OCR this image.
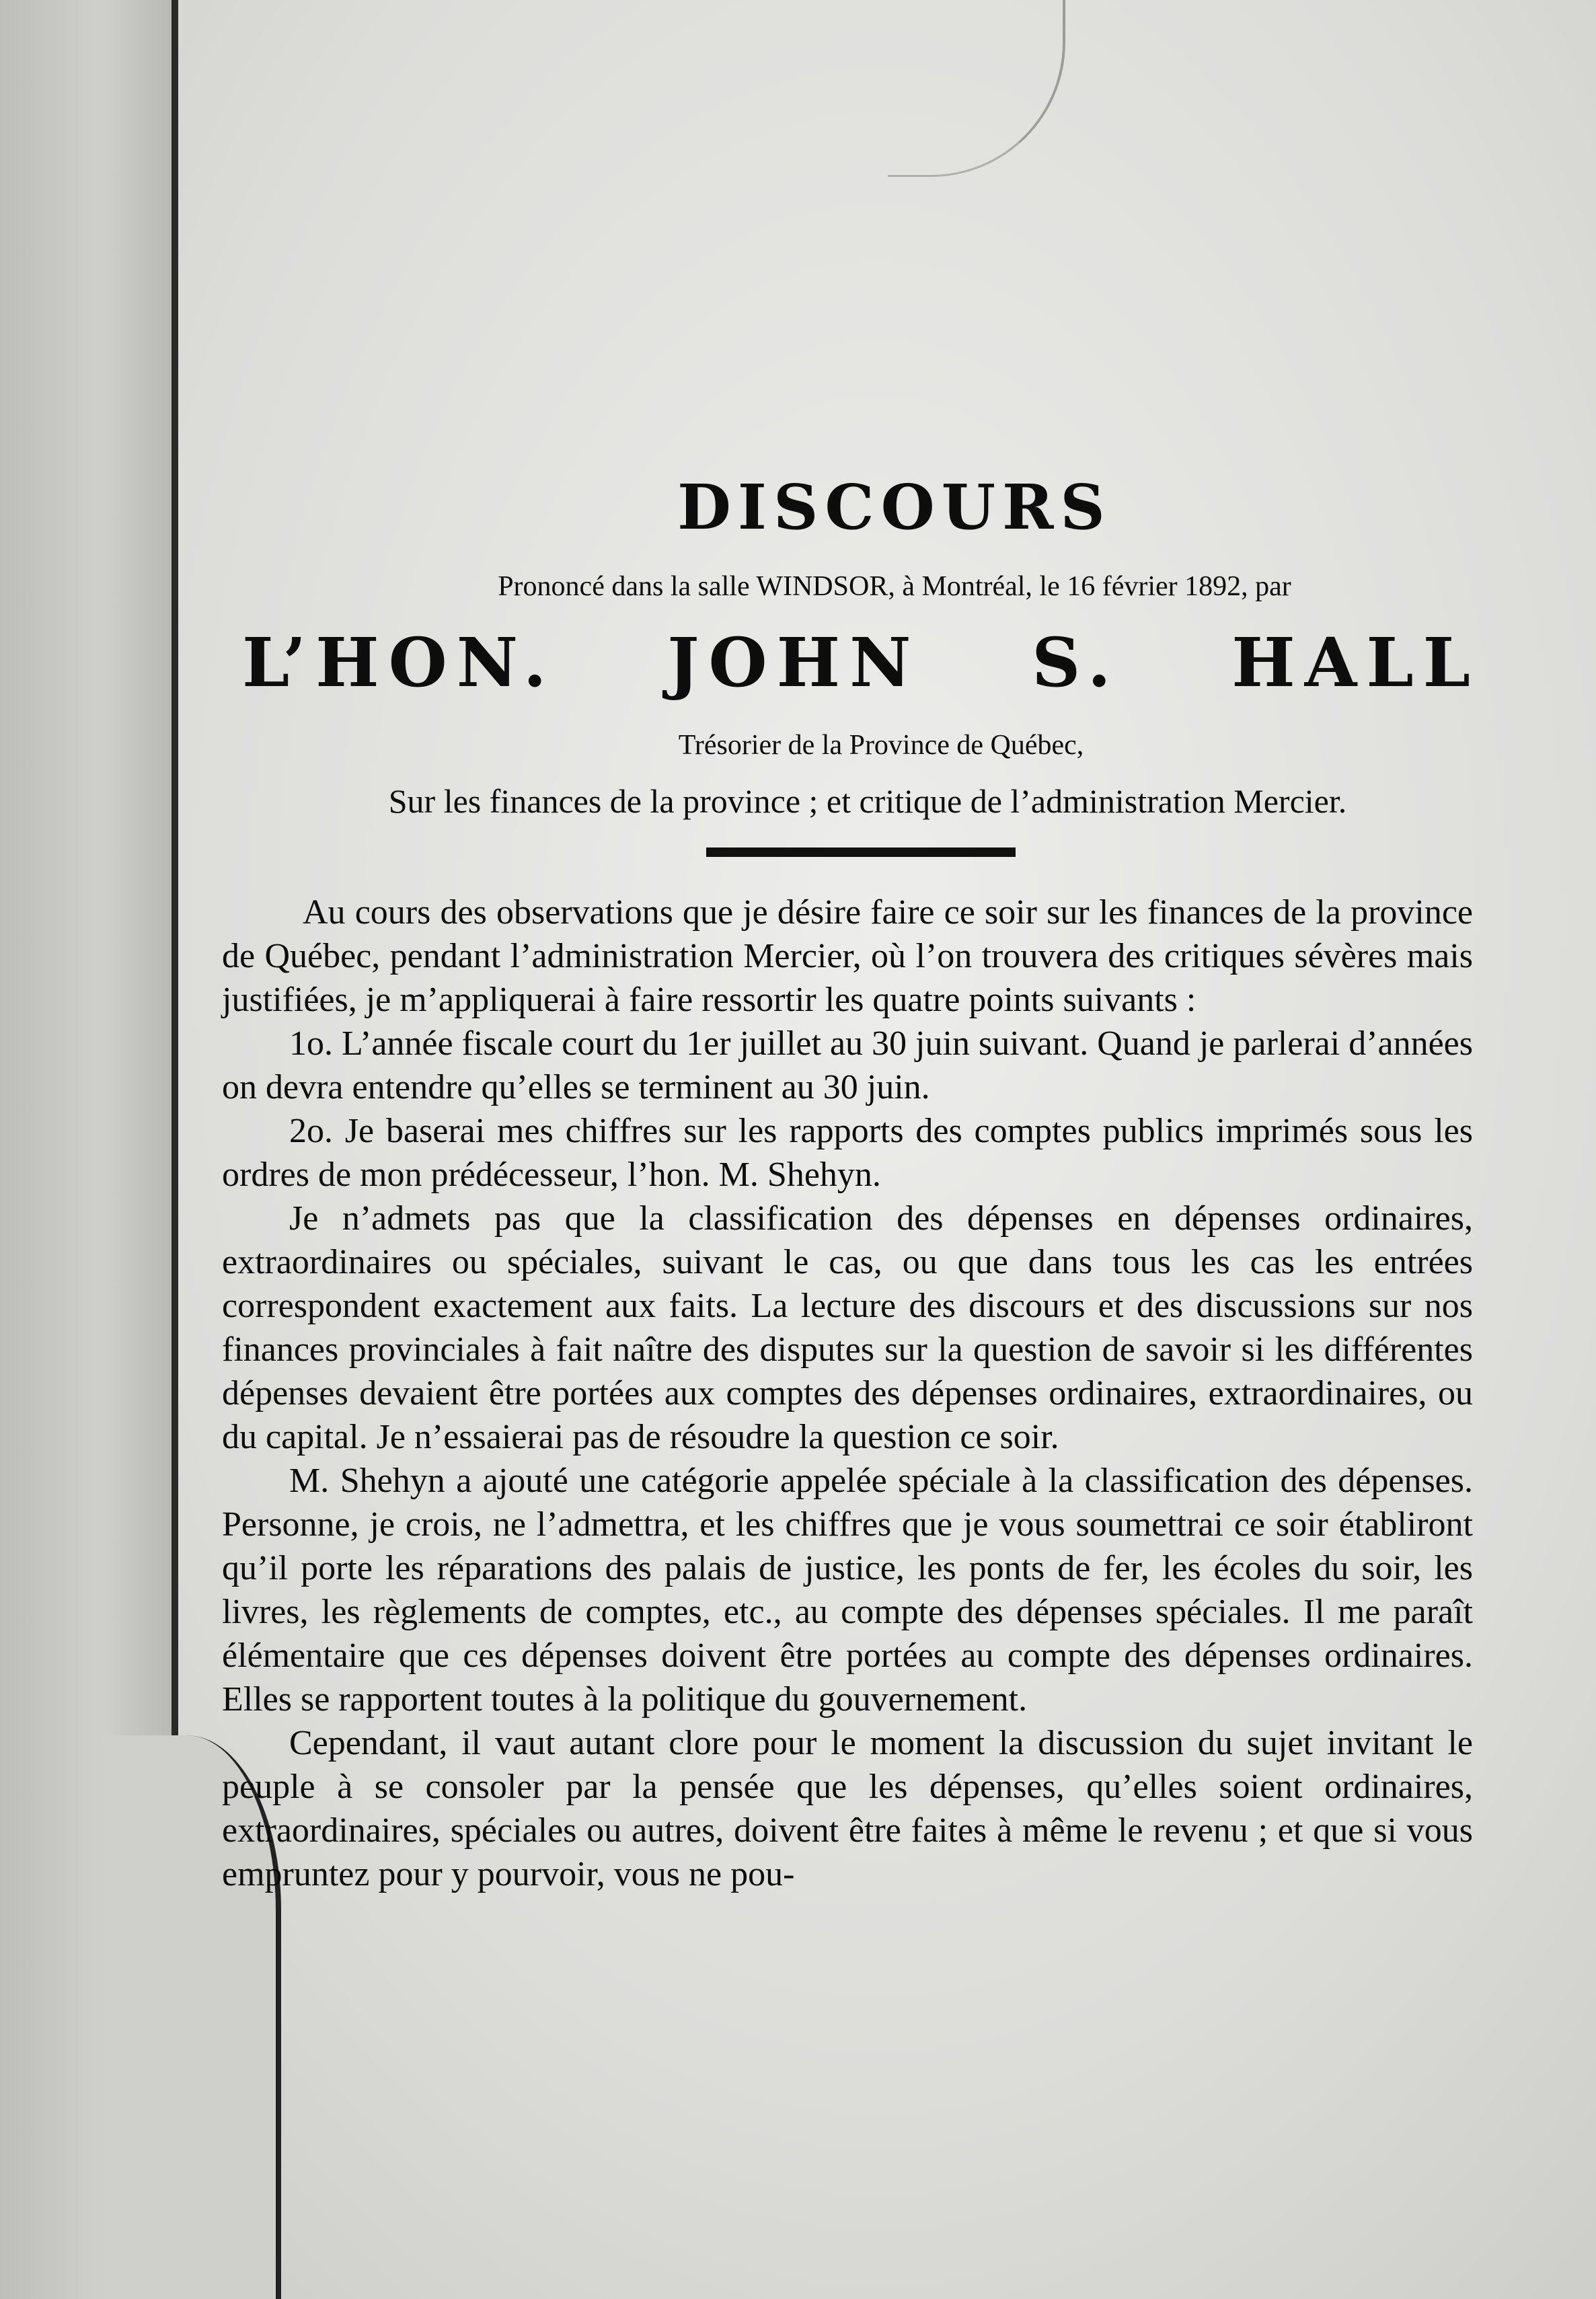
DISCOURS
Prononcé dans la salle WINDSOR, à Montréal, le 16 février 1892, par
L’HON. JOHN S. HALL
Trésorier de la Province de Québec,
Sur les finances de la province ; et critique de l’administration Mercier.

Au cours des observations que je désire faire ce soir sur les finances de la province de Québec, pendant l’administration Mercier, où l’on trouvera des critiques sévères mais justifiées, je m’appliquerai à faire ressortir les quatre points suivants :

1o. L’année fiscale court du 1er juillet au 30 juin suivant. Quand je parlerai d’années on devra entendre qu’elles se terminent au 30 juin.

2o. Je baserai mes chiffres sur les rapports des comptes publics imprimés sous les ordres de mon prédécesseur, l’hon. M. Shehyn.

Je n’admets pas que la classification des dépenses en dépenses ordinaires, extraordinaires ou spéciales, suivant le cas, ou que dans tous les cas les entrées correspondent exactement aux faits. La lecture des discours et des discussions sur nos finances provinciales à fait naître des disputes sur la question de savoir si les différentes dépenses devaient être portées aux comptes des dépenses ordinaires, extraordinaires, ou du capital. Je n’essaierai pas de résoudre la question ce soir.

M. Shehyn a ajouté une catégorie appelée spéciale à la classification des dépenses. Personne, je crois, ne l’admettra, et les chiffres que je vous soumettrai ce soir établiront qu’il porte les réparations des palais de justice, les ponts de fer, les écoles du soir, les livres, les règlements de comptes, etc., au compte des dépenses spéciales. Il me paraît élémentaire que ces dépenses doivent être portées au compte des dépenses ordinaires. Elles se rapportent toutes à la politique du gouvernement.

Cependant, il vaut autant clore pour le moment la discussion du sujet invitant le peuple à se consoler par la pensée que les dépenses, qu’elles soient ordinaires, extraordinaires, spéciales ou autres, doivent être faites à même le revenu ; et que si vous empruntez pour y pourvoir, vous ne pou-
